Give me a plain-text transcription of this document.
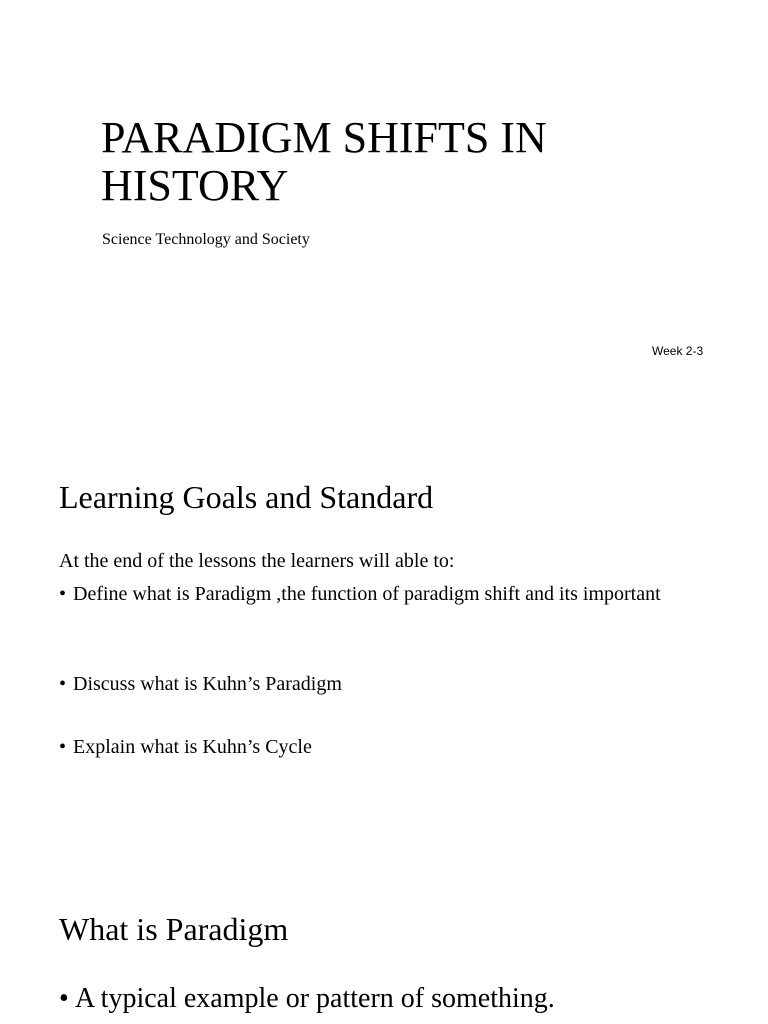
PARADIGM SHIFTS IN HISTORY
Science Technology and Society
Week 2-3
Learning Goals and Standard
At the end of the lessons the learners will able to:
• Define what is Paradigm ,the function of paradigm shift and its important
• Discuss what is Kuhn’s Paradigm
• Explain what is Kuhn’s Cycle
What is Paradigm
• A typical example or pattern of something.
